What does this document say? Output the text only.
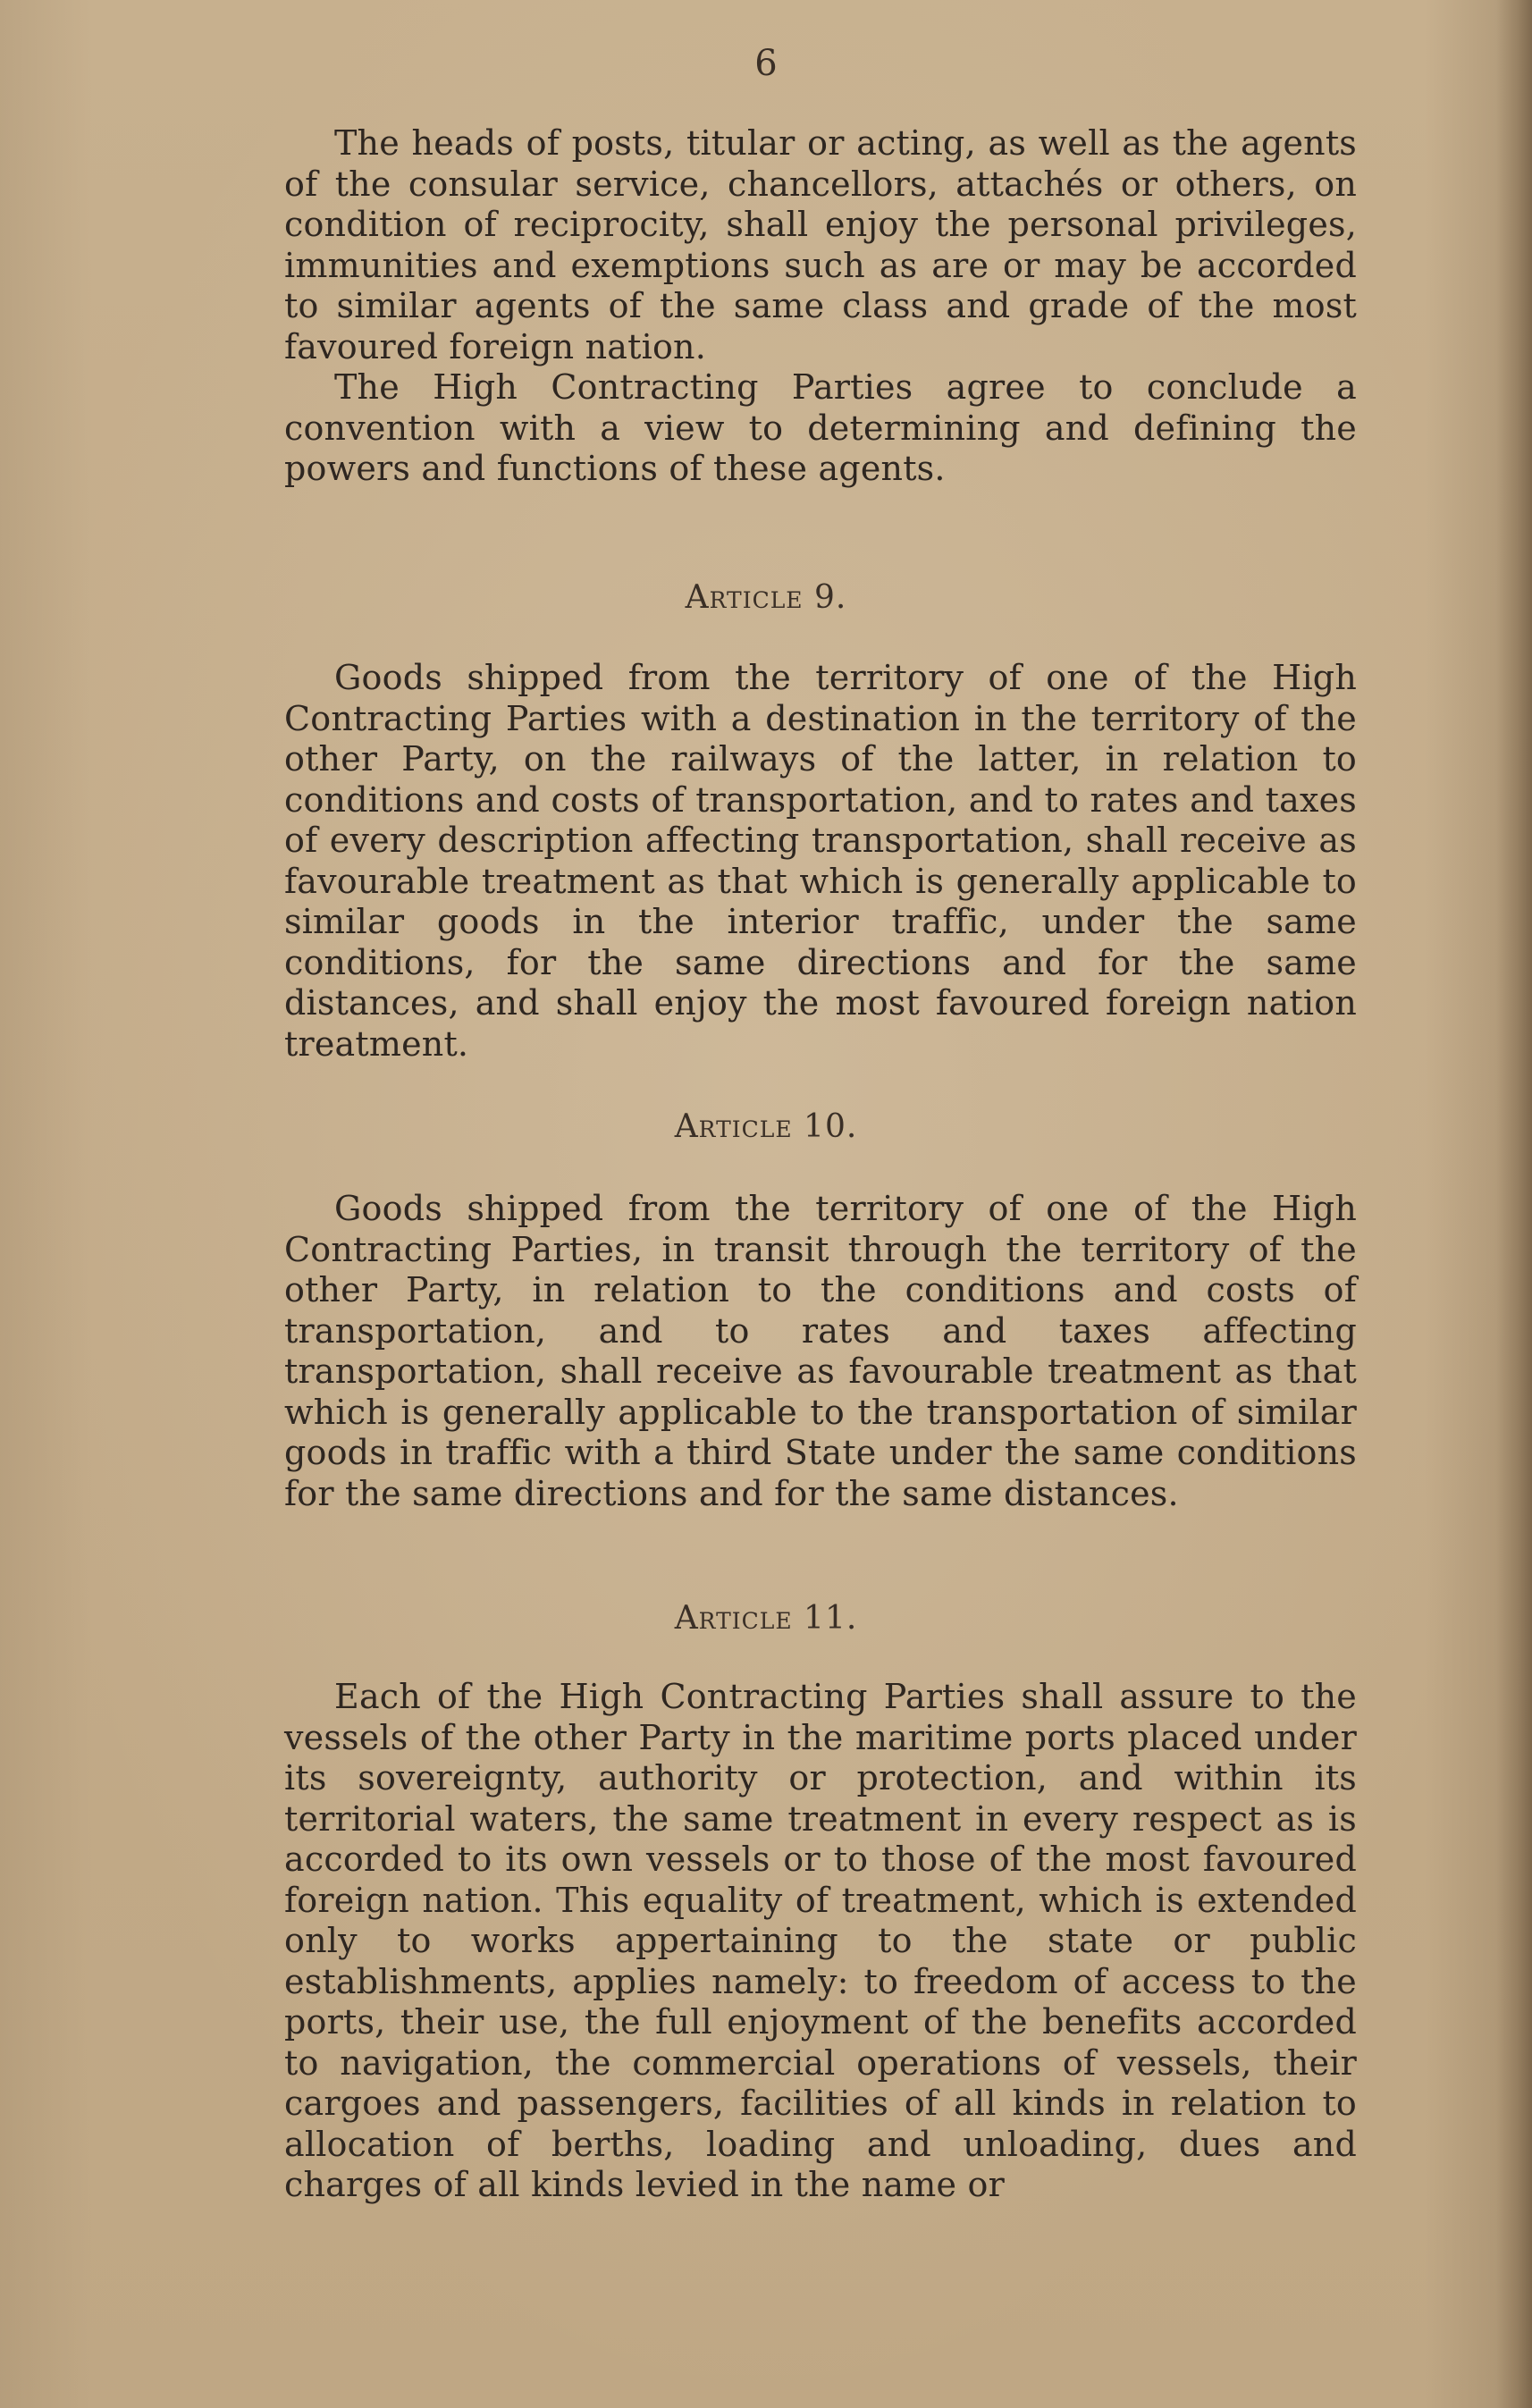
6

The heads of posts, titular or acting, as well as the agents of the consular service, chancellors, attachés or others, on condition of reciprocity, shall enjoy the personal privileges, immunities and exemptions such as are or may be accorded to similar agents of the same class and grade of the most favoured foreign nation.

The High Contracting Parties agree to conclude a convention with a view to determining and defining the powers and functions of these agents.

Article 9.

Goods shipped from the territory of one of the High Contracting Parties with a destination in the territory of the other Party, on the railways of the latter, in relation to conditions and costs of transportation, and to rates and taxes of every description affecting transportation, shall receive as favourable treatment as that which is generally applicable to similar goods in the interior traffic, under the same conditions, for the same directions and for the same distances, and shall enjoy the most favoured foreign nation treatment.

Article 10.

Goods shipped from the territory of one of the High Contracting Parties, in transit through the territory of the other Party, in relation to the conditions and costs of transportation, and to rates and taxes affecting transportation, shall receive as favourable treatment as that which is generally applicable to the transportation of similar goods in traffic with a third State under the same conditions for the same directions and for the same distances.

Article 11.

Each of the High Contracting Parties shall assure to the vessels of the other Party in the maritime ports placed under its sovereignty, authority or protection, and within its territorial waters, the same treatment in every respect as is accorded to its own vessels or to those of the most favoured foreign nation. This equality of treatment, which is extended only to works appertaining to the state or public establishments, applies namely: to freedom of access to the ports, their use, the full enjoyment of the benefits accorded to navigation, the commercial operations of vessels, their cargoes and passengers, facilities of all kinds in relation to allocation of berths, loading and unloading, dues and charges of all kinds levied in the name or
